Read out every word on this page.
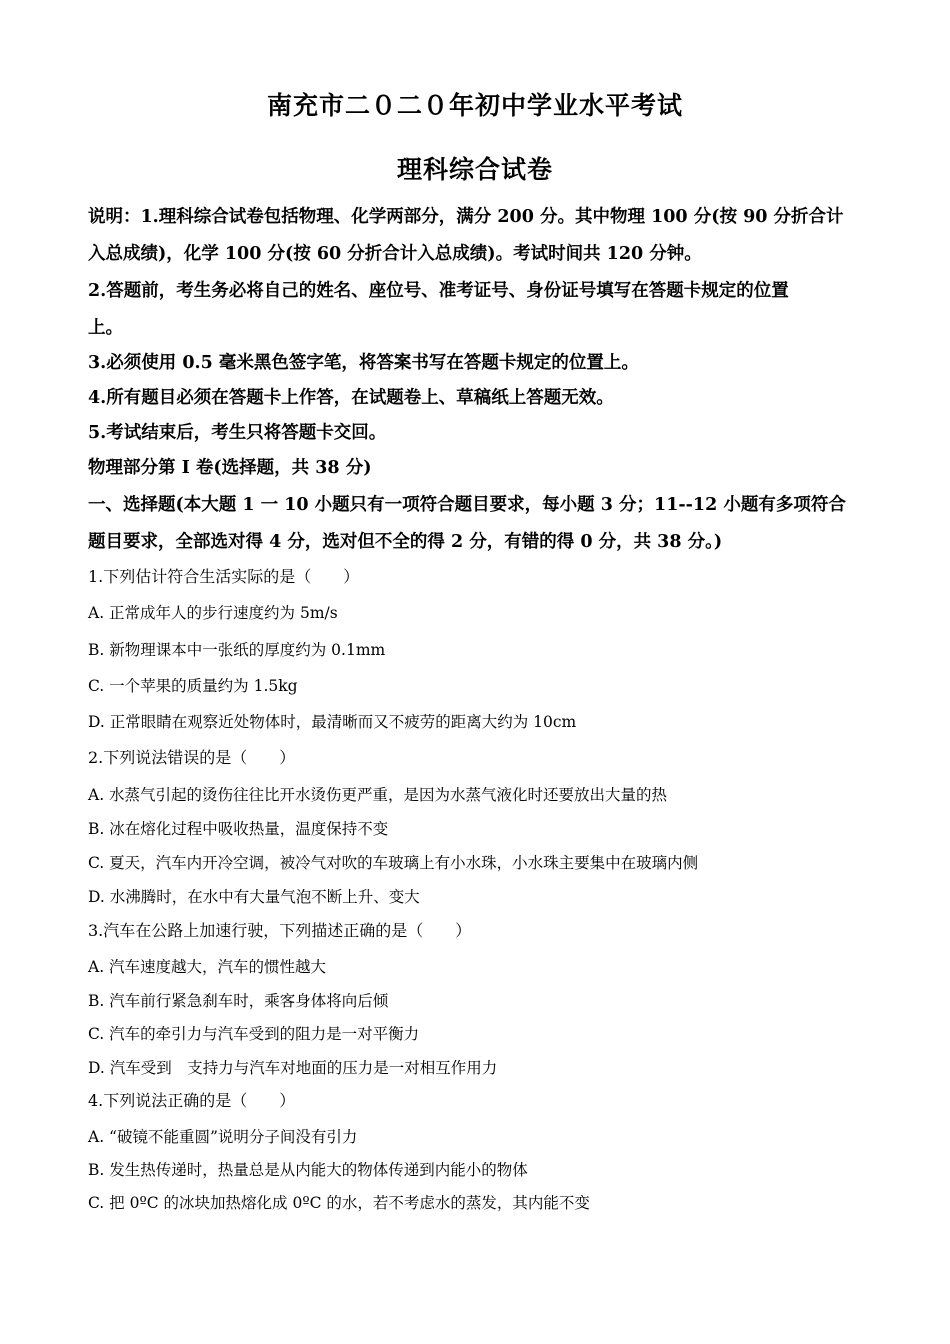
南充市二０二０年初中学业水平考试
理科综合试卷
说明：1.理科综合试卷包括物理、化学两部分，满分 200 分。其中物理 100 分(按 90 分折合计
入总成绩)，化学 100 分(按 60 分折合计入总成绩)。考试时间共 120 分钟。
2.答题前，考生务必将自己的姓名、座位号、准考证号、身份证号填写在答题卡规定的位置
上。
3.必须使用 0.5 毫米黑色签字笔，将答案书写在答题卡规定的位置上。
4.所有题目必须在答题卡上作答，在试题卷上、草稿纸上答题无效。
5.考试结束后，考生只将答题卡交回。
物理部分第 I 卷(选择题，共 38 分)
一、选择题(本大题 1 一 10 小题只有一项符合题目要求，每小题 3 分；11--12 小题有多项符合
题目要求，全部选对得 4 分，选对但不全的得 2 分，有错的得 0 分，共 38 分。)
1.下列估计符合生活实际的是（　　）
A. 正常成年人的步行速度约为 5m/s
B. 新物理课本中一张纸的厚度约为 0.1mm
C. 一个苹果的质量约为 1.5kg
D. 正常眼睛在观察近处物体时，最清晰而又不疲劳的距离大约为 10cm
2.下列说法错误的是（　　）
A. 水蒸气引起的烫伤往往比开水烫伤更严重，是因为水蒸气液化时还要放出大量的热
B. 冰在熔化过程中吸收热量，温度保持不变
C. 夏天，汽车内开冷空调，被冷气对吹的车玻璃上有小水珠，小水珠主要集中在玻璃内侧
D. 水沸腾时，在水中有大量气泡不断上升、变大
3.汽车在公路上加速行驶，下列描述正确的是（　　）
A. 汽车速度越大，汽车的惯性越大
B. 汽车前行紧急刹车时，乘客身体将向后倾
C. 汽车的牵引力与汽车受到的阻力是一对平衡力
D. 汽车受到　支持力与汽车对地面的压力是一对相互作用力
4.下列说法正确的是（　　）
A. “破镜不能重圆”说明分子间没有引力
B. 发生热传递时，热量总是从内能大的物体传递到内能小的物体
C. 把 0ºC 的冰块加热熔化成 0ºC 的水，若不考虑水的蒸发，其内能不变
